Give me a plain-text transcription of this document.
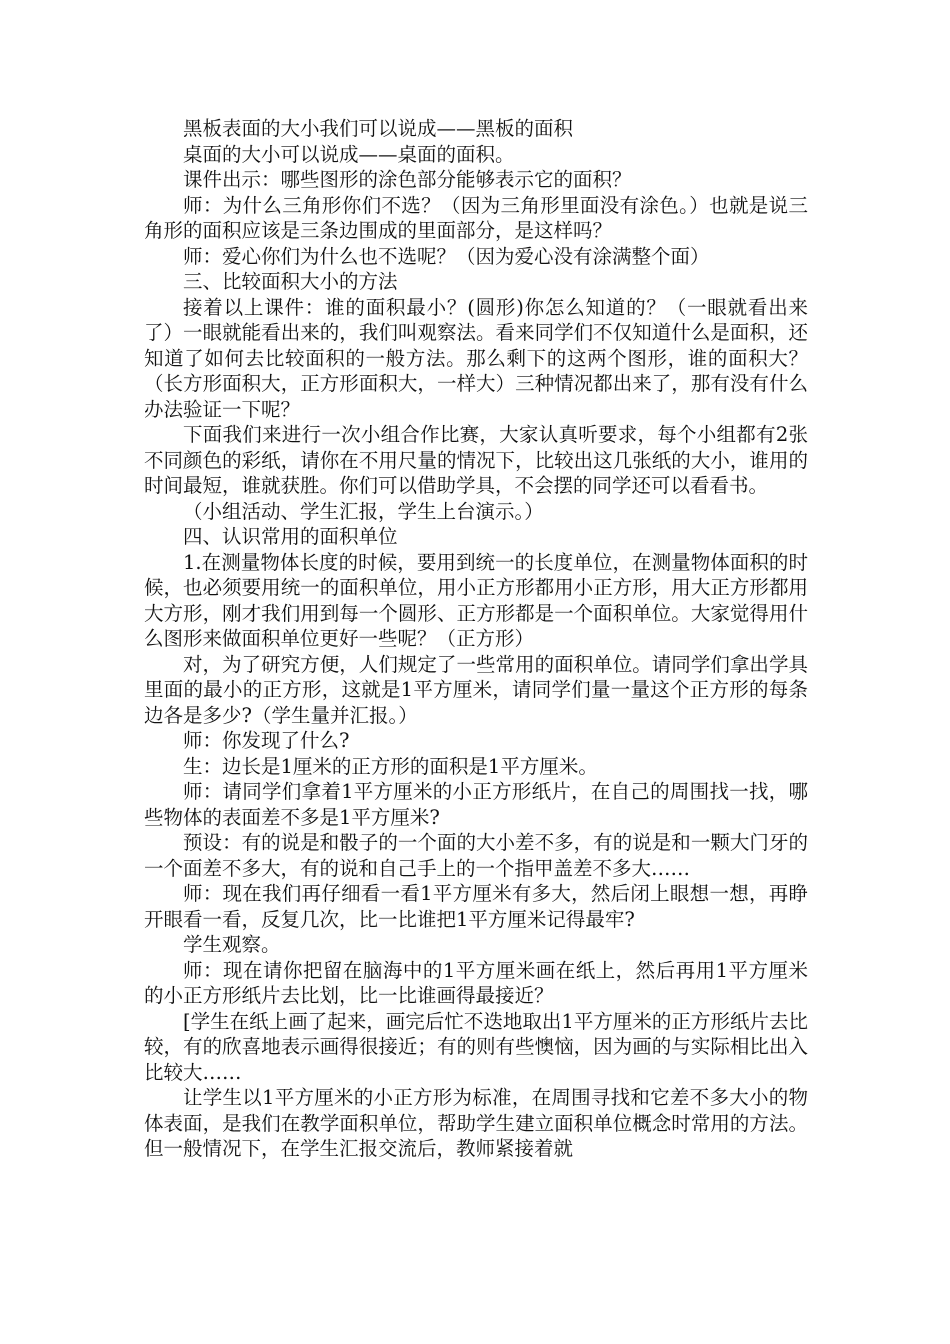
黑板表面的大小我们可以说成——黑板的面积

桌面的大小可以说成——桌面的面积。

课件出示：哪些图形的涂色部分能够表示它的面积？

师：为什么三角形你们不选？（因为三角形里面没有涂色。）也就是说三角形的面积应该是三条边围成的里面部分，是这样吗？

师：爱心你们为什么也不选呢？（因为爱心没有涂满整个面）

三、比较面积大小的方法

接着以上课件：谁的面积最小？(圆形)你怎么知道的？（一眼就看出来了）一眼就能看出来的，我们叫观察法。看来同学们不仅知道什么是面积，还知道了如何去比较面积的一般方法。那么剩下的这两个图形，谁的面积大？（长方形面积大，正方形面积大，一样大）三种情况都出来了，那有没有什么办法验证一下呢？

下面我们来进行一次小组合作比赛，大家认真听要求，每个小组都有2张不同颜色的彩纸，请你在不用尺量的情况下，比较出这几张纸的大小，谁用的时间最短，谁就获胜。你们可以借助学具，不会摆的同学还可以看看书。

（小组活动、学生汇报，学生上台演示。）

四、认识常用的面积单位

1.在测量物体长度的时候，要用到统一的长度单位，在测量物体面积的时候，也必须要用统一的面积单位，用小正方形都用小正方形，用大正方形都用大方形，刚才我们用到每一个圆形、正方形都是一个面积单位。大家觉得用什么图形来做面积单位更好一些呢？（正方形）

对，为了研究方便，人们规定了一些常用的面积单位。请同学们拿出学具里面的最小的正方形，这就是1平方厘米，请同学们量一量这个正方形的每条边各是多少?（学生量并汇报。）

师：你发现了什么?

生：边长是1厘米的正方形的面积是1平方厘米。

师：请同学们拿着1平方厘米的小正方形纸片，在自己的周围找一找，哪些物体的表面差不多是1平方厘米?

预设：有的说是和骰子的一个面的大小差不多，有的说是和一颗大门牙的一个面差不多大，有的说和自己手上的一个指甲盖差不多大……

师：现在我们再仔细看一看1平方厘米有多大，然后闭上眼想一想，再睁开眼看一看，反复几次，比一比谁把1平方厘米记得最牢?

学生观察。

师：现在请你把留在脑海中的1平方厘米画在纸上，然后再用1平方厘米的小正方形纸片去比划，比一比谁画得最接近？

[学生在纸上画了起来，画完后忙不迭地取出1平方厘米的正方形纸片去比较，有的欣喜地表示画得很接近；有的则有些懊恼，因为画的与实际相比出入比较大……

让学生以1平方厘米的小正方形为标准，在周围寻找和它差不多大小的物体表面，是我们在教学面积单位，帮助学生建立面积单位概念时常用的方法。但一般情况下，在学生汇报交流后，教师紧接着就
